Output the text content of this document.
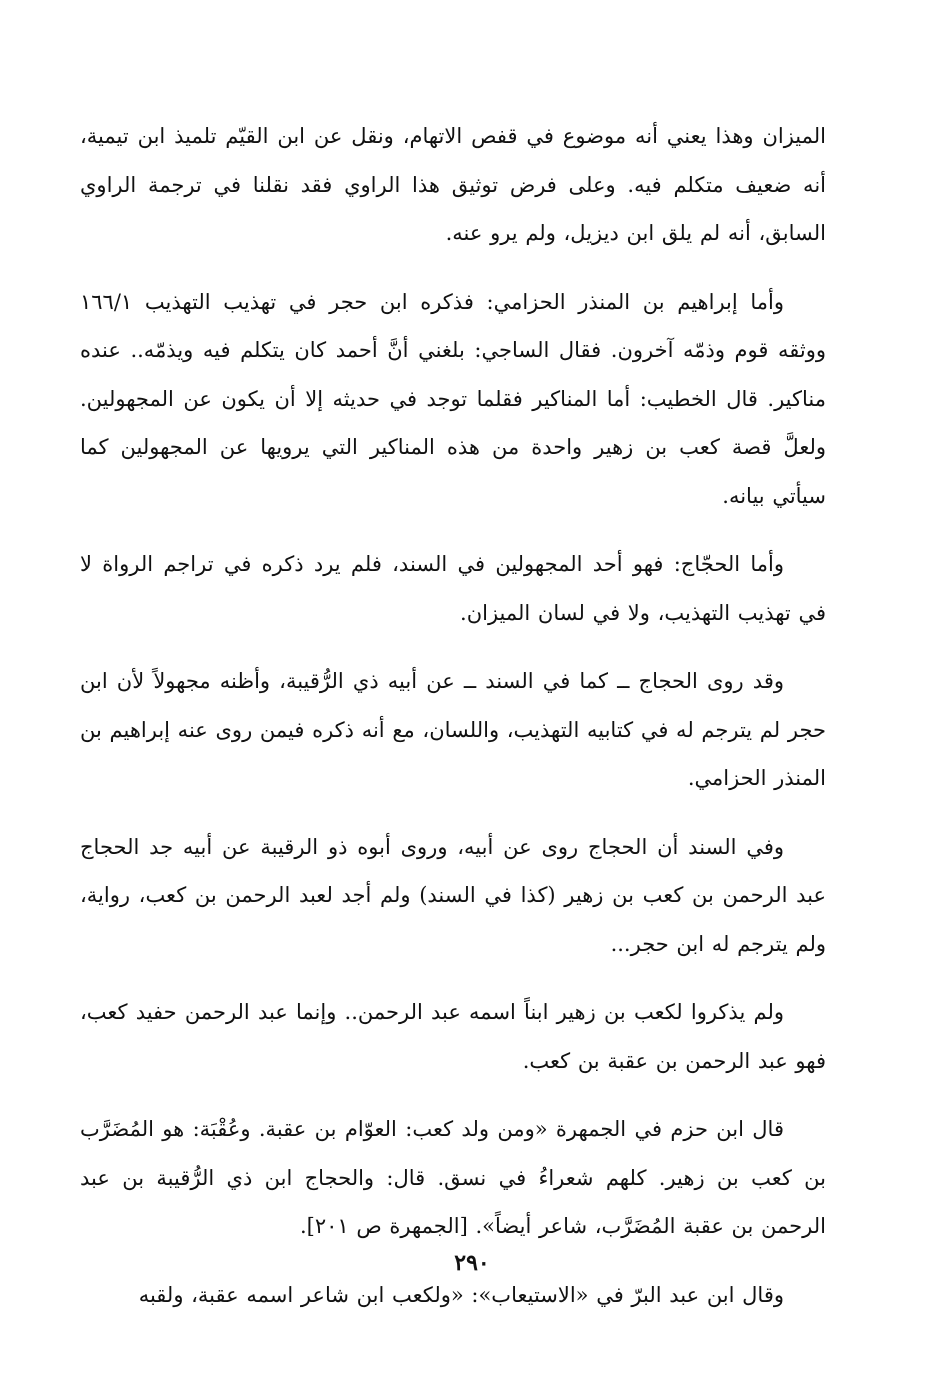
الميزان وهذا يعني أنه موضوع في قفص الاتهام، ونقل عن ابن القيّم تلميذ ابن تيمية، أنه ضعيف متكلم فيه. وعلى فرض توثيق هذا الراوي فقد نقلنا في ترجمة الراوي السابق، أنه لم يلق ابن ديزيل، ولم يرو عنه.

وأما إبراهيم بن المنذر الحزامي: فذكره ابن حجر في تهذيب التهذيب ١٦٦/١ ووثقه قوم وذمّه آخرون. فقال الساجي: بلغني أنَّ أحمد كان يتكلم فيه ويذمّه.. عنده مناكير. قال الخطيب: أما المناكير فقلما توجد في حديثه إلا أن يكون عن المجهولين. ولعلَّ قصة كعب بن زهير واحدة من هذه المناكير التي يرويها عن المجهولين كما سيأتي بيانه.

وأما الحجّاج: فهو أحد المجهولين في السند، فلم يرد ذكره في تراجم الرواة لا في تهذيب التهذيب، ولا في لسان الميزان.

وقد روى الحجاج ــ كما في السند ــ عن أبيه ذي الرُّقيبة، وأظنه مجهولاً لأن ابن حجر لم يترجم له في كتابيه التهذيب، واللسان، مع أنه ذكره فيمن روى عنه إبراهيم بن المنذر الحزامي.

وفي السند أن الحجاج روى عن أبيه، وروى أبوه ذو الرقيبة عن أبيه جد الحجاج عبد الرحمن بن كعب بن زهير (كذا في السند) ولم أجد لعبد الرحمن بن كعب، رواية، ولم يترجم له ابن حجر...

ولم يذكروا لكعب بن زهير ابناً اسمه عبد الرحمن.. وإنما عبد الرحمن حفيد كعب، فهو عبد الرحمن بن عقبة بن كعب.

قال ابن حزم في الجمهرة «ومن ولد كعب: العوّام بن عقبة. وعُقْبَة: هو المُضَرَّب بن كعب بن زهير. كلهم شعراءُ في نسق. قال: والحجاج ابن ذي الرُّقيبة بن عبد الرحمن بن عقبة المُضَرَّب، شاعر أيضاً». [الجمهرة ص ٢٠١].

وقال ابن عبد البرّ في «الاستيعاب»: «ولكعب ابن شاعر اسمه عقبة، ولقبه

٢٩٠
